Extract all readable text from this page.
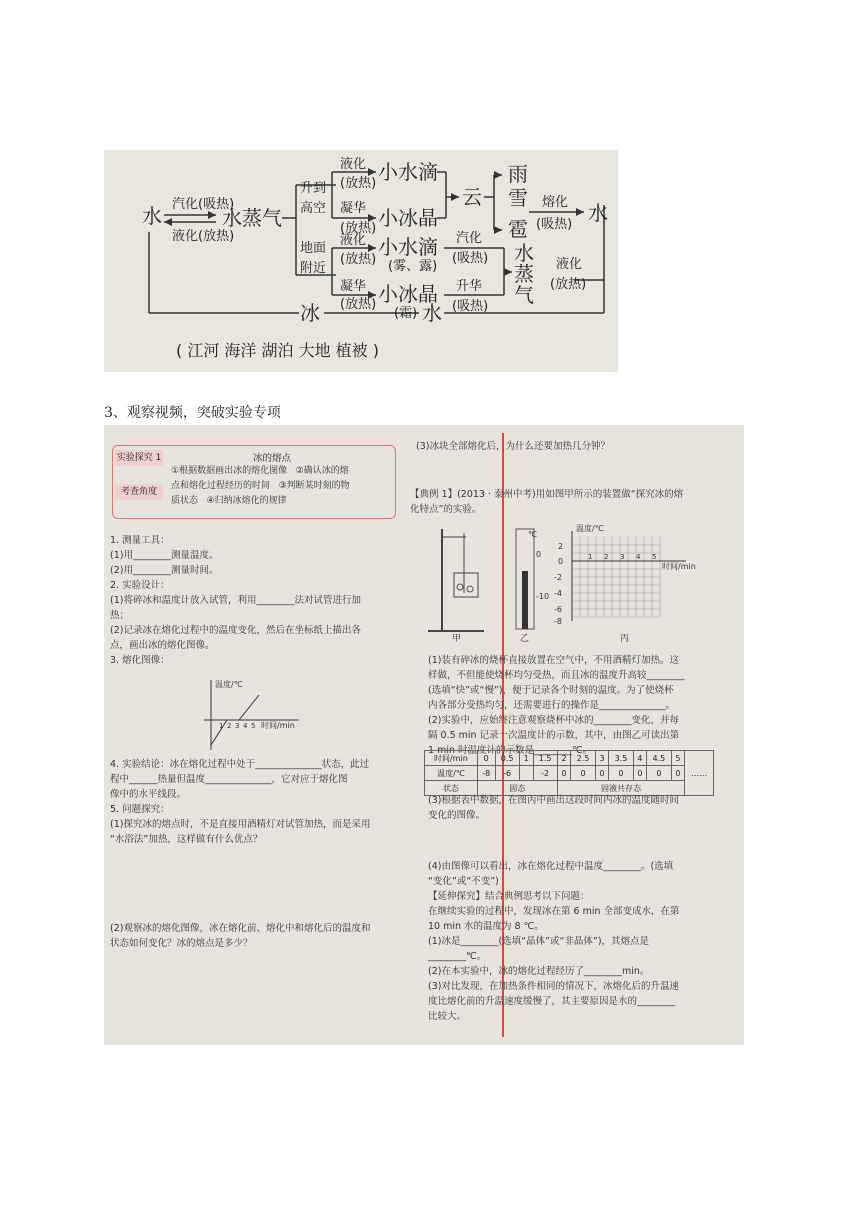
水 汽化(吸热)
液化(放热)
水蒸气
升到
高空
地面
附近
液化
(放热)
凝华
(放热)
液化
(放热)
凝华
(放热)
小水滴
小冰晶
小水滴
(雾、露)
小冰晶
(霜)
云
雨
雪
雹
熔化
(吸热) 水
汽化
(吸热)
升华
(吸热)
水
蒸
气
液化
(放热)
冰	水
( 江河 海洋 湖泊 大地 植被 )
3、观察视频，突破实验专项
实验探究 1	冰的熔点
考查角度

①根据数据画出冰的熔化图像   ②确认冰的熔

点和熔化过程经历的时间   ③判断某时刻的物

质状态   ④归纳冰熔化的规律

1. 测量工具：

(1)用________测量温度。

(2)用________测量时间。

2. 实验设计：

(1)将碎冰和温度计放入试管，利用________法对试管进行加

热；

(2)记录冰在熔化过程中的温度变化，然后在坐标纸上描出各

点，画出冰的熔化图像。

3. 熔化图像：

温度/℃
时间/min
1 2 3 4 5

4. 实验结论：冰在熔化过程中处于______________状态，此过

程中______热量但温度______________，它对应于熔化图

像中的水平线段。

5. 问题探究：

(1)探究冰的熔点时，不是直接用酒精灯对试管加热，而是采用

“水浴法”加热，这样做有什么优点？

(2)观察冰的熔化图像，冰在熔化前、熔化中和熔化后的温度和

状态如何变化？冰的熔点是多少？

(3)冰块全部熔化后，为什么还要加热几分钟？

【典例 1】(2013 · 泰州中考)用如图甲所示的装置做“探究冰的熔

化特点”的实验。

℃
0
-10
温度/℃
时间/min
2
0
-2
-4
-6
-8
1 2 3 4 5
甲	乙	丙

(1)装有碎冰的烧杯直接放置在空气中，不用酒精灯加热。这

样做，不但能使烧杯均匀受热，而且冰的温度升高较________

(选填“快”或“慢”)，便于记录各个时刻的温度。为了使烧杯

内各部分受热均匀，还需要进行的操作是______________。

(2)实验中，应始终注意观察烧杯中冰的________变化，并每

隔 0.5 min 记录一次温度计的示数，其中，由图乙可读出第

1 min 时温度计的示数是________℃。

时间/min	0	0.5	1	1.5	2	2.5	3	3.5	4	4.5	5	……
温度/℃	-8	-6		-2	0	0	0	0	0	0	0	
状态	固态				固液共存态							

(3)根据表中数据，在图丙中画出这段时间内冰的温度随时间

变化的图像。

(4)由图像可以看出，冰在熔化过程中温度________。(选填

“变化”或“不变”)

【延伸探究】结合典例思考以下问题：

在继续实验的过程中，发现冰在第 6 min 全部变成水，在第

10 min 水的温度为 8 ℃。

(1)冰是________(选填“晶体”或“非晶体”)，其熔点是

________℃。

(2)在本实验中，冰的熔化过程经历了________min。

(3)对比发现，在加热条件相同的情况下，冰熔化后的升温速

度比熔化前的升温速度缓慢了，其主要原因是水的________

比较大。
